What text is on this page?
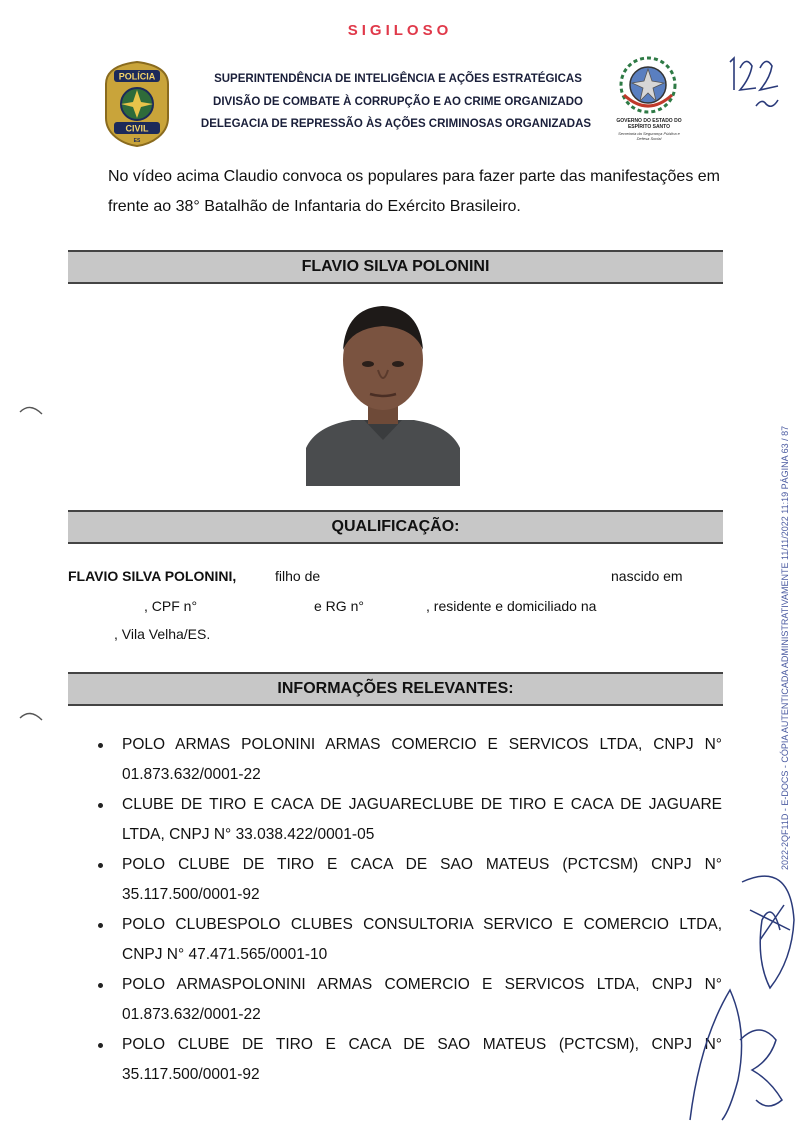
SIGILOSO
POLÍCIA
CIVIL
ES
SUPERINTENDÊNCIA DE INTELIGÊNCIA E AÇÕES ESTRATÉGICAS
DIVISÃO DE COMBATE À CORRUPÇÃO E AO CRIME ORGANIZADO
DELEGACIA DE REPRESSÃO ÀS AÇÕES CRIMINOSAS ORGANIZADAS	GOVERNO DO ESTADO DO ESPÍRITO SANTO
Secretaria da Segurança Pública e Defesa Social
No vídeo acima Claudio convoca os populares para fazer parte das manifestações em frente ao 38° Batalhão de Infantaria do Exército Brasileiro.
FLAVIO SILVA POLONINI
QUALIFICAÇÃO:
FLAVIO SILVA POLONINI,	filho de	nascido em
, CPF n°	e RG n°	, residente e domiciliado na
, Vila Velha/ES.
INFORMAÇÕES RELEVANTES:
POLO ARMAS POLONINI ARMAS COMERCIO E SERVICOS LTDA, CNPJ N°
01.873.632/0001-22
CLUBE DE TIRO E CACA DE JAGUARECLUBE DE TIRO E CACA DE JAGUARE
LTDA, CNPJ N° 33.038.422/0001-05
POLO CLUBE DE TIRO E CACA DE SAO MATEUS (PCTCSM) CNPJ N°
35.117.500/0001-92
POLO CLUBESPOLO CLUBES CONSULTORIA SERVICO E COMERCIO LTDA,
CNPJ N° 47.471.565/0001-10
POLO ARMASPOLONINI ARMAS COMERCIO E SERVICOS LTDA, CNPJ N°
01.873.632/0001-22
POLO CLUBE DE TIRO E CACA DE SAO MATEUS (PCTCSM), CNPJ N°
35.117.500/0001-92
2022-2QF11D - E-DOCS - CÓPIA AUTENTICADA ADMINISTRATIVAMENTE 11/11/2022 11:19 PÁGINA 63 / 87
